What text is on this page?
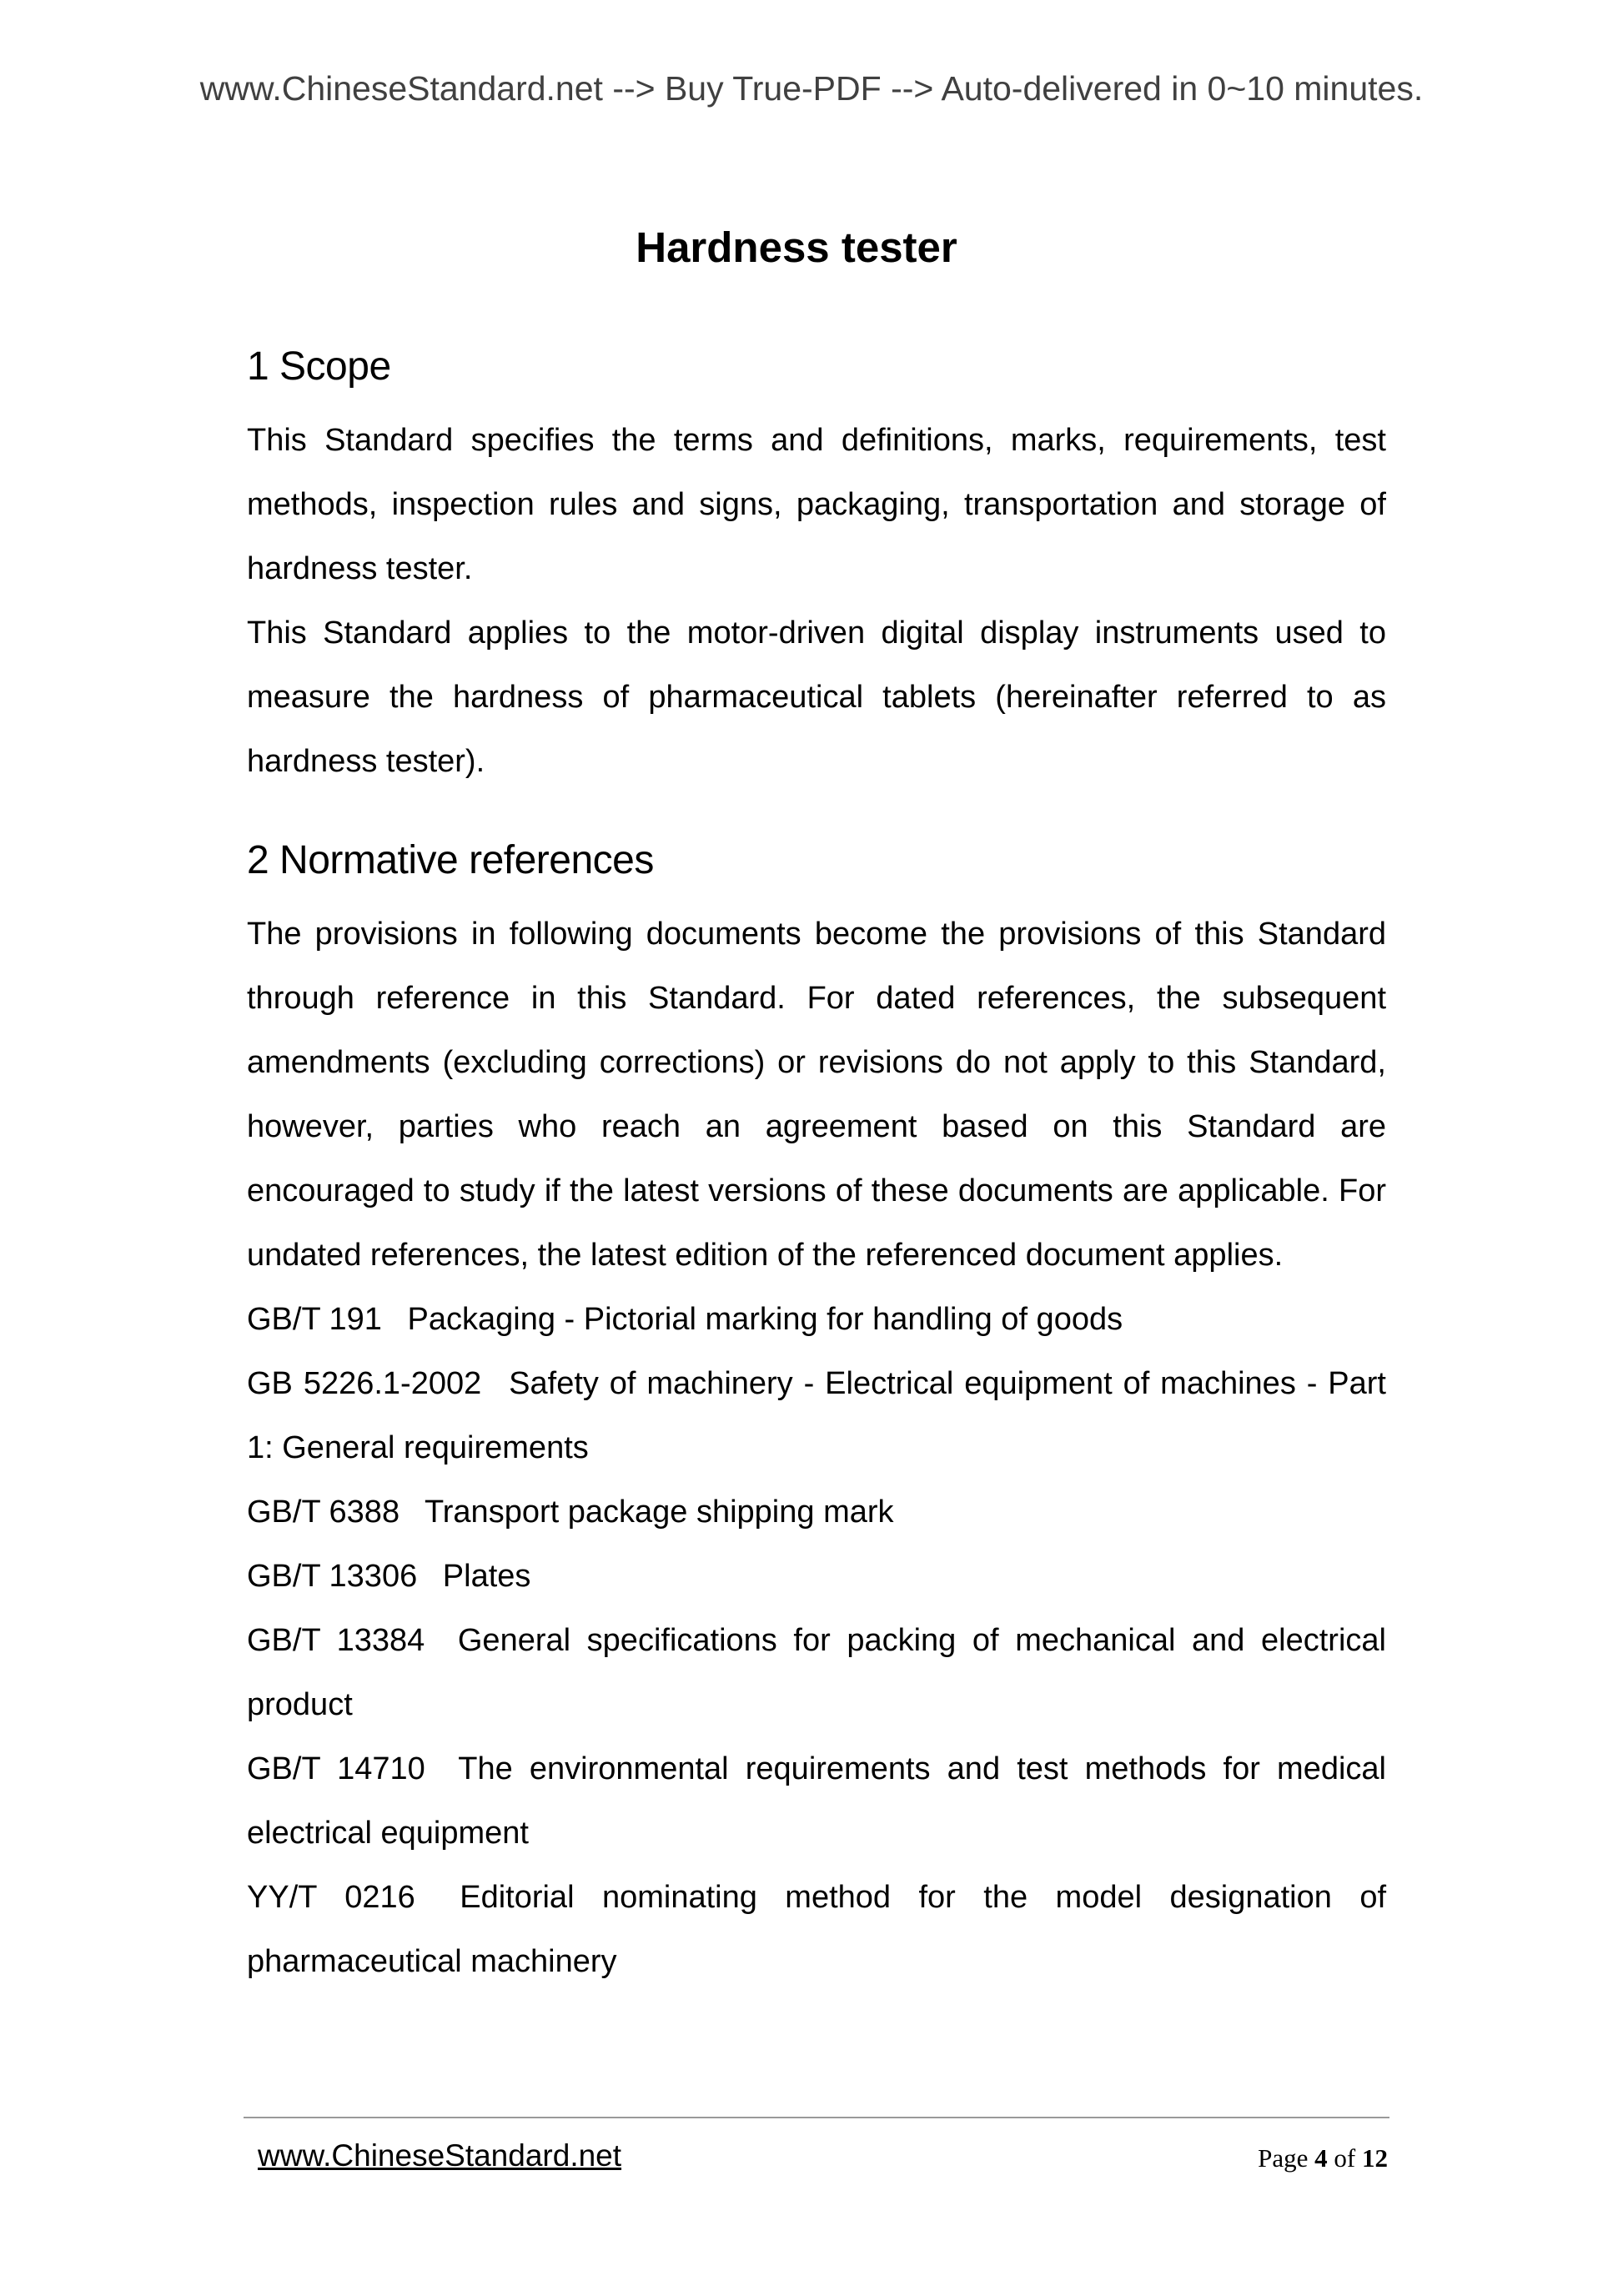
www.ChineseStandard.net --> Buy True-PDF --> Auto-delivered in 0~10 minutes.
Hardness tester
1 Scope

This Standard specifies the terms and definitions, marks, requirements, test methods, inspection rules and signs, packaging, transportation and storage of hardness tester.

This Standard applies to the motor-driven digital display instruments used to measure the hardness of pharmaceutical tablets (hereinafter referred to as hardness tester).

2 Normative references

The provisions in following documents become the provisions of this Standard through reference in this Standard. For dated references, the subsequent amendments (excluding corrections) or revisions do not apply to this Standard, however, parties who reach an agreement based on this Standard are encouraged to study if the latest versions of these documents are applicable. For undated references, the latest edition of the referenced document applies.

GB/T 191 Packaging - Pictorial marking for handling of goods

GB 5226.1-2002 Safety of machinery - Electrical equipment of machines - Part 1: General requirements

GB/T 6388 Transport package shipping mark

GB/T 13306 Plates

GB/T 13384 General specifications for packing of mechanical and electrical product

GB/T 14710 The environmental requirements and test methods for medical electrical equipment

YY/T 0216 Editorial nominating method for the model designation of pharmaceutical machinery

www.ChineseStandard.net	Page 4 of 12
